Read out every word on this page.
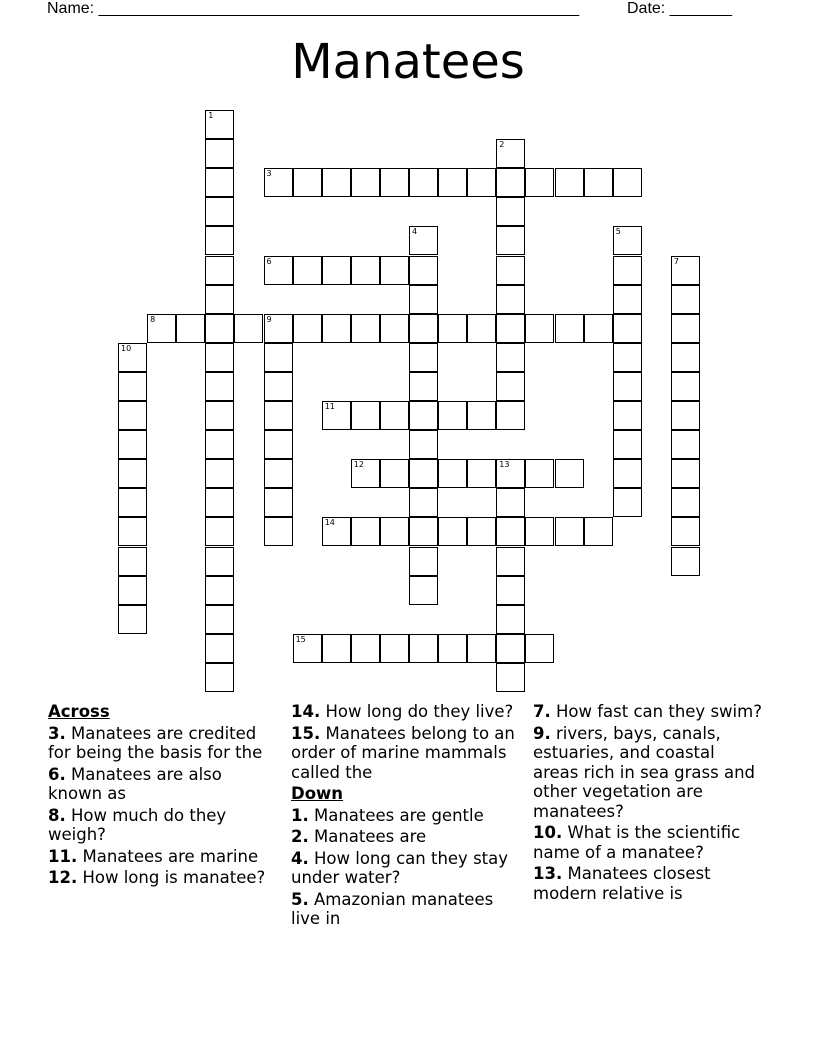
Name: ______________________________________________________	Date: _______
Manatees
1
2
3
4	5
6	7
8	9
10
11
12	13
14
15
Across
3. Manatees are credited for being the basis for the
6. Manatees are also known as
8. How much do they weigh?
11. Manatees are marine
12. How long is manatee?
14. How long do they live?
15. Manatees belong to an order of marine mammals called the
Down
1. Manatees are gentle
2. Manatees are
4. How long can they stay under water?
5. Amazonian manatees live in
7. How fast can they swim?
9. rivers, bays, canals, estuaries, and coastal areas rich in sea grass and other vegetation are manatees?
10. What is the scientific name of a manatee?
13. Manatees closest modern relative is
